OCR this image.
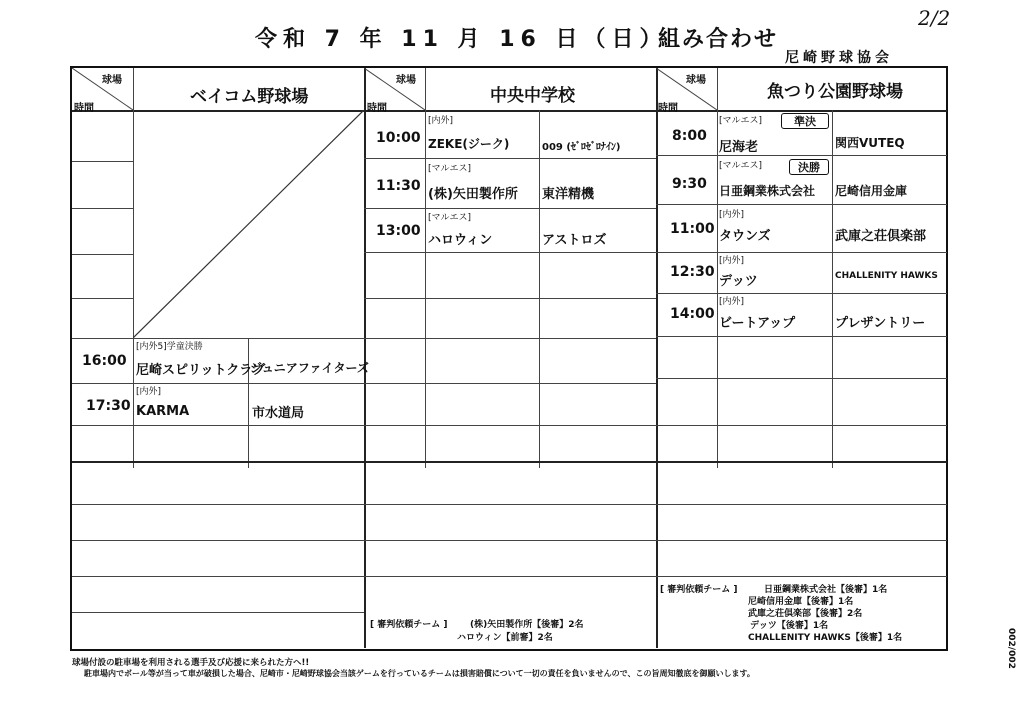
令和 7 年 11 月 16 日（日）
組み合わせ
2/2
尼崎野球協会
球場
時間
ベイコム野球場
16:00
[内外5]学童決勝
尼崎スピリットクラブ
ジュニアファイターズ
17:30
[内外]
KARMA	市水道局
球場
時間
中央中学校
10:00
[内外]
ZEKE(ジーク)	009 (ｾﾞﾛｾﾞﾛﾅｲﾝ)
11:30
[マルエス]
(株)矢田製作所 東洋精機
13:00
[マルエス]
ハロウィン	アストロズ
[ 審判依頼チーム ]	(株)矢田製作所【後審】2名
ハロウィン【前審】2名
球場
時間
魚つり公園野球場
8:00
[マルエス]	準決
尼海老	関西VUTEQ
9:30
[マルエス]	決勝
日亜鋼業株式会社 尼崎信用金庫
11:00
[内外]
タウンズ	武庫之荘倶楽部
12:30
[内外]
デッツ	CHALLENITY HAWKS
14:00
[内外]
ビートアップ	プレザントリー
[ 審判依頼チーム ]	日亜鋼業株式会社【後審】1名
尼崎信用金庫【後審】1名
武庫之荘倶楽部【後審】2名
デッツ【後審】1名
CHALLENITY HAWKS【後審】1名
球場付設の駐車場を利用される選手及び応援に来られた方へ!!
駐車場内でボール等が当って車が破損した場合、尼崎市・尼崎野球協会当該ゲームを行っているチームは損害賠償について一切の責任を負いませんので、この旨周知徹底を御願いします。
002/002
